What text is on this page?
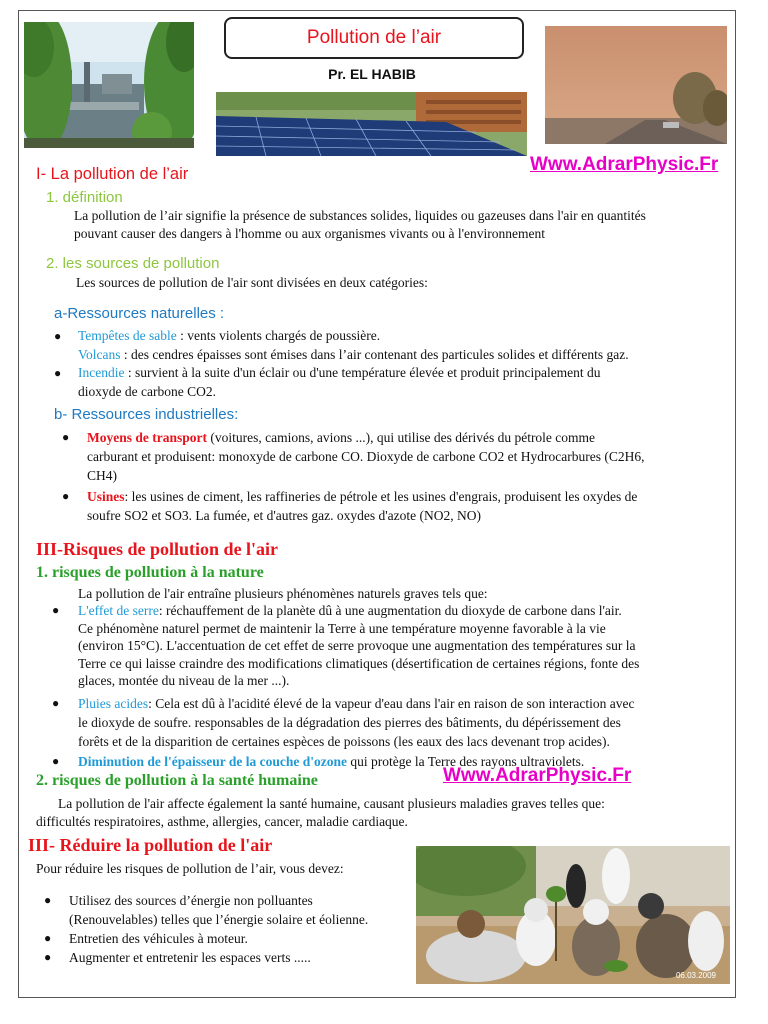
Pollution de l’air
Pr. EL HABIB
Www.AdrarPhysic.Fr
I- La pollution de l’air
1. définition
La pollution de l’air signifie la présence de substances solides, liquides ou gazeuses dans l'air en quantités
pouvant causer des dangers à l'homme ou aux organismes vivants ou à l'environnement
2. les sources de pollution
Les sources de pollution de l'air sont divisées en deux catégories:
a-Ressources naturelles :
● Tempêtes de sable : vents violents chargés de poussière.
Volcans : des cendres épaisses sont émises dans l’air contenant des particules solides et différents gaz.
● Incendie : survient à la suite d'un éclair ou d'une température élevée et produit principalement du
dioxyde de carbone CO2.
b- Ressources industrielles:
● Moyens de transport (voitures, camions, avions ...), qui utilise des dérivés du pétrole comme
carburant et produisent: monoxyde de carbone CO. Dioxyde de carbone CO2 et Hydrocarbures (C2H6,
CH4)
● Usines: les usines de ciment, les raffineries de pétrole et les usines d'engrais, produisent les oxydes de
soufre SO2 et SO3. La fumée, et d'autres gaz. oxydes d'azote (NO2, NO)
III-Risques de pollution de l'air
1. risques de pollution à la nature
La pollution de l'air entraîne plusieurs phénomènes naturels graves tels que:
● L'effet de serre: réchauffement de la planète dû à une augmentation du dioxyde de carbone dans l'air.
Ce phénomène naturel permet de maintenir la Terre à une température moyenne favorable à la vie
(environ 15°C). L'accentuation de cet effet de serre provoque une augmentation des températures sur la
Terre ce qui laisse craindre des modifications climatiques (désertification de certaines régions, fonte des
glaces, montée du niveau de la mer ...).
● Pluies acides: Cela est dû à l'acidité élevé de la vapeur d'eau dans l'air en raison de son interaction avec
le dioxyde de soufre. responsables de la dégradation des pierres des bâtiments, du dépérissement des
forêts et de la disparition de certaines espèces de poissons (les eaux des lacs devenant trop acides).
● Diminution de l'épaisseur de la couche d'ozone qui protège la Terre des rayons ultraviolets.
Www.AdrarPhysic.Fr
2. risques de pollution à la santé humaine
La pollution de l'air affecte également la santé humaine, causant plusieurs maladies graves telles que:
difficultés respiratoires, asthme, allergies, cancer, maladie cardiaque.
III- Réduire la pollution de l'air
Pour réduire les risques de pollution de l’air, vous devez:
● Utilisez des sources d’énergie non polluantes
(Renouvelables) telles que l’énergie solaire et éolienne.
● Entretien des véhicules à moteur.
● Augmenter et entretenir les espaces verts .....
06.03.2009
